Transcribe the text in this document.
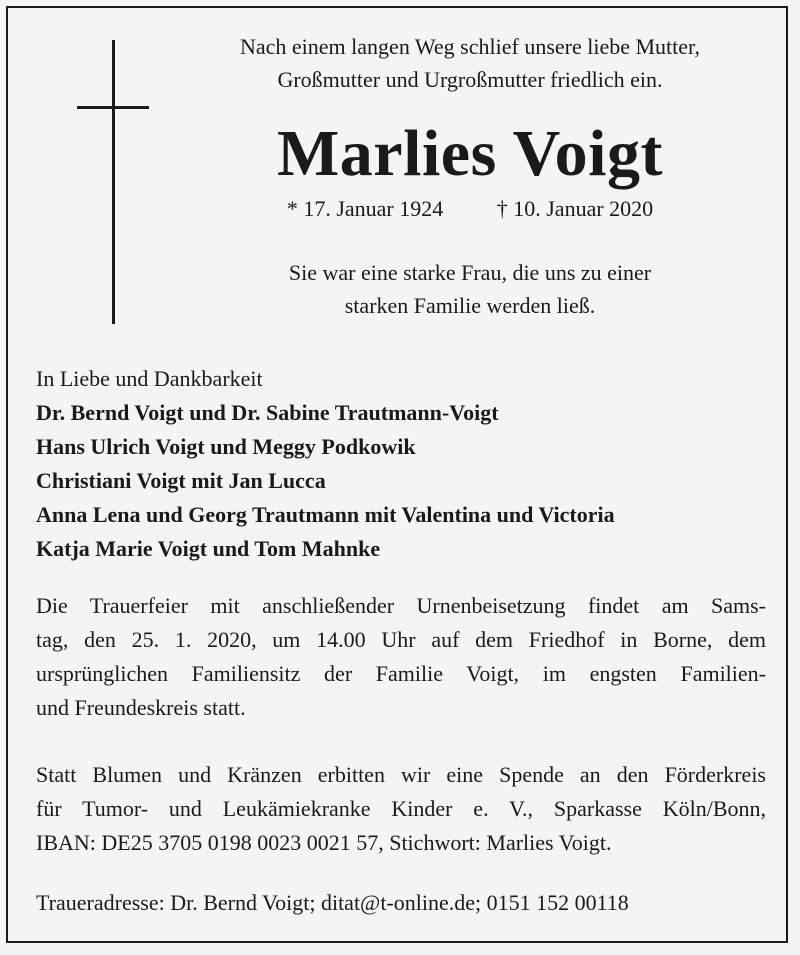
Nach einem langen Weg schlief unsere liebe Mutter,
Großmutter und Urgroßmutter friedlich ein.
Marlies Voigt
* 17. Januar 1924 † 10. Januar 2020
Sie war eine starke Frau, die uns zu einer
starken Familie werden ließ.
In Liebe und Dankbarkeit
Dr. Bernd Voigt und Dr. Sabine Trautmann-Voigt
Hans Ulrich Voigt und Meggy Podkowik
Christiani Voigt mit Jan Lucca
Anna Lena und Georg Trautmann mit Valentina und Victoria
Katja Marie Voigt und Tom Mahnke
Die Trauerfeier mit anschließender Urnenbeisetzung findet am Sams-
tag, den 25. 1. 2020, um 14.00 Uhr auf dem Friedhof in Borne, dem
ursprünglichen Familiensitz der Familie Voigt, im engsten Familien-
und Freundeskreis statt.
Statt Blumen und Kränzen erbitten wir eine Spende an den Förderkreis
für Tumor- und Leukämiekranke Kinder e. V., Sparkasse Köln/Bonn,
IBAN: DE25 3705 0198 0023 0021 57, Stichwort: Marlies Voigt.
Traueradresse: Dr. Bernd Voigt; ditat@t-online.de; 0151 152 00118
